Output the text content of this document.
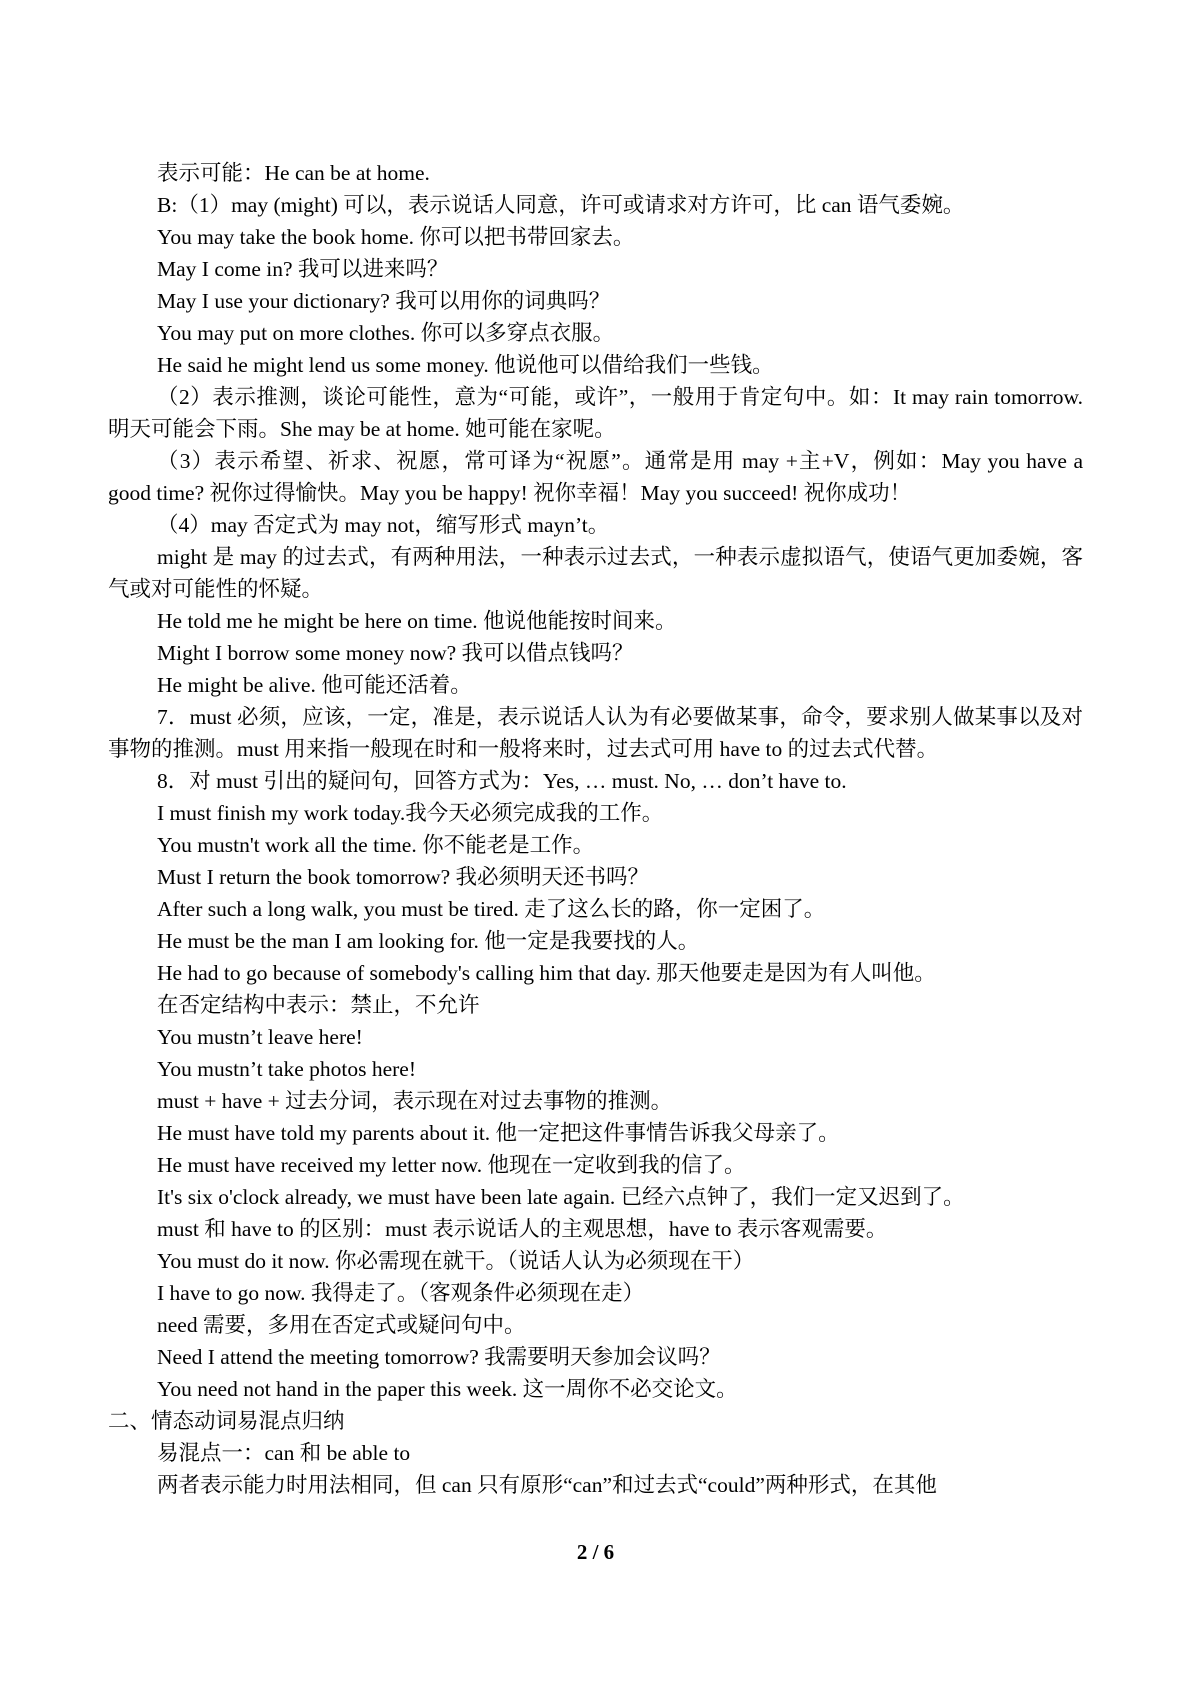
表示可能：He can be at home.

B:（1）may (might) 可以，表示说话人同意，许可或请求对方许可，比 can 语气委婉。

You may take the book home. 你可以把书带回家去。

May I come in? 我可以进来吗？

May I use your dictionary? 我可以用你的词典吗？

You may put on more clothes. 你可以多穿点衣服。

He said he might lend us some money. 他说他可以借给我们一些钱。

（2）表示推测，谈论可能性，意为“可能，或许”，一般用于肯定句中。如：It may rain tomorrow. 明天可能会下雨。She may be at home. 她可能在家呢。

（3）表示希望、祈求、祝愿，常可译为“祝愿”。通常是用 may +主+V，例如：May you have a good time? 祝你过得愉快。May you be happy! 祝你幸福！May you succeed! 祝你成功！

（4）may 否定式为 may not，缩写形式 mayn’t。

might 是 may 的过去式，有两种用法，一种表示过去式，一种表示虚拟语气，使语气更加委婉，客气或对可能性的怀疑。

He told me he might be here on time. 他说他能按时间来。

Might I borrow some money now? 我可以借点钱吗？

He might be alive. 他可能还活着。

7．must 必须，应该，一定，准是，表示说话人认为有必要做某事，命令，要求别人做某事以及对事物的推测。must 用来指一般现在时和一般将来时，过去式可用 have to 的过去式代替。

8．对 must 引出的疑问句，回答方式为：Yes, … must. No, … don’t have to.

I must finish my work today.我今天必须完成我的工作。

You mustn't work all the time. 你不能老是工作。

Must I return the book tomorrow? 我必须明天还书吗？

After such a long walk, you must be tired. 走了这么长的路，你一定困了。

He must be the man I am looking for. 他一定是我要找的人。

He had to go because of somebody's calling him that day. 那天他要走是因为有人叫他。

在否定结构中表示：禁止，不允许

You mustn’t leave here!

You mustn’t take photos here!

must + have + 过去分词，表示现在对过去事物的推测。

He must have told my parents about it. 他一定把这件事情告诉我父母亲了。

He must have received my letter now. 他现在一定收到我的信了。

It's six o'clock already, we must have been late again. 已经六点钟了，我们一定又迟到了。

must 和 have to 的区别：must 表示说话人的主观思想，have to 表示客观需要。

You must do it now. 你必需现在就干。（说话人认为必须现在干）

I have to go now. 我得走了。（客观条件必须现在走）

need 需要，多用在否定式或疑问句中。

Need I attend the meeting tomorrow? 我需要明天参加会议吗？

You need not hand in the paper this week. 这一周你不必交论文。

二、情态动词易混点归纳

易混点一：can 和 be able to

两者表示能力时用法相同，但 can 只有原形“can”和过去式“could”两种形式，在其他

2 / 6
